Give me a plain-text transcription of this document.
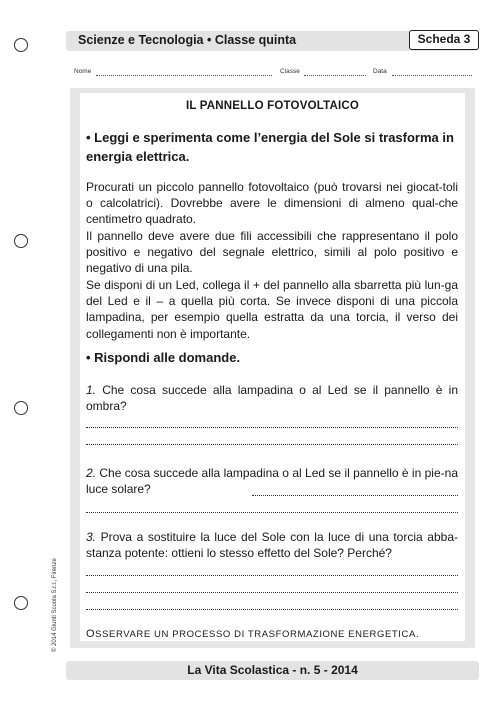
Scienze e Tecnologia • Classe quinta	Scheda 3
Nome	Classe	Data
IL PANNELLO FOTOVOLTAICO
• Leggi e sperimenta come l’energia del Sole si trasforma in energia elettrica.
Procurati un piccolo pannello fotovoltaico (può trovarsi nei giocat-toli o calcolatrici). Dovrebbe avere le dimensioni di almeno qual-che centimetro quadrato.
Il pannello deve avere due fili accessibili che rappresentano il polo positivo e negativo del segnale elettrico, simili al polo positivo e negativo di una pila.
Se disponi di un Led, collega il + del pannello alla sbarretta più lun-ga del Led e il – a quella più corta. Se invece disponi di una piccola lampadina, per esempio quella estratta da una torcia, il verso dei collegamenti non è importante.
• Rispondi alle domande.
1. Che cosa succede alla lampadina o al Led se il pannello è in ombra?
2. Che cosa succede alla lampadina o al Led se il pannello è in pie-na luce solare?
3. Prova a sostituire la luce del Sole con la luce di una torcia abba-stanza potente: ottieni lo stesso effetto del Sole? Perché?
OSSERVARE UN PROCESSO DI TRASFORMAZIONE ENERGETICA.
© 2014 Giunti Scuola S.r.l., Firenze
La Vita Scolastica - n. 5 - 2014
